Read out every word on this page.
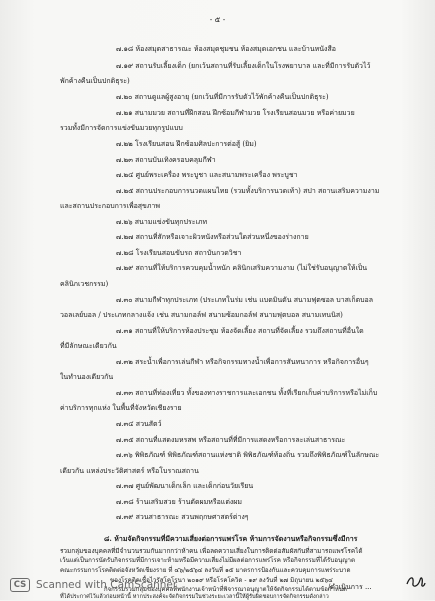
- ๕ -
๗.๑๘ ห้องสมุดสาธารณะ ห้องสมุดชุมชน ห้องสมุดเอกชน และบ้านหนังสือ
๗.๑๙ สถานรับเลี้ยงเด็ก (ยกเว้นสถานที่รับเลี้ยงเด็กในโรงพยาบาล และที่มีการรับตัวไว้
พักค้างคืนเป็นปกติธุระ)
๗.๒๐ สถานดูแลผู้สูงอายุ (ยกเว้นที่มีการรับตัวไว้พักค้างคืนเป็นปกติธุระ)
๗.๒๑ สนามมวย สถานที่ฝึกสอน ฝึกซ้อมกีฬามวย โรงเรียนสอนมวย หรือค่ายมวย
รวมทั้งมีการจัดการแข่งขันมวยทุกรูปแบบ
๗.๒๒ โรงเรียนสอน ฝึกซ้อมศิลปะการต่อสู้ (ยิม)
๗.๒๓ สถานบันเทิงครอบคลุมกีฬา
๗.๒๔ ศูนย์พระเครื่อง พระบูชา และสนามพระเครื่อง พระบูชา
๗.๒๕ สถานประกอบการนวดแผนไทย (รวมทั้งบริการนวดเท้า) สปา สถานเสริมความงาม
และสถานประกอบการเพื่อสุขภาพ
๗.๒๖ สนามแข่งขันทุกประเภท
๗.๒๗ สถานที่สักหรือเจาะผิวหนังหรือส่วนใดส่วนหนึ่งของร่างกาย
๗.๒๘ โรงเรียนสอนขับรถ สถาบันกวดวิชา
๗.๒๙ สถานที่ให้บริการควบคุมน้ำหนัก คลินิกเสริมความงาม (ไม่ใช่รับอนุญาตให้เป็น
คลินิกเวชกรรม)
๗.๓๐ สนามกีฬาทุกประเภท (ประเภทในร่ม เช่น แบดมินตัน สนามฟุตซอล บาสเก็ตบอล
วอลเลย์บอล / ประเภทกลางแจ้ง เช่น สนามกอล์ฟ สนามซ้อมกอล์ฟ สนามฟุตบอล สนามเทนนิส)
๗.๓๑ สถานที่ให้บริการห้องประชุม ห้องจัดเลี้ยง สถานที่จัดเลี้ยง รวมถึงสถานที่อื่นใด
ที่มีลักษณะเดียวกัน
๗.๓๒ สระน้ำเพื่อการเล่นกีฬา หรือกิจกรรมทางน้ำเพื่อการสันทนาการ หรือกิจการอื่นๆ
ในทำนองเดียวกัน
๗.๓๓ สถานที่ท่องเที่ยว ทั้งของทางราชการและเอกชน ทั้งที่เรียกเก็บค่าบริการหรือไม่เก็บ
ค่าบริการทุกแห่ง ในพื้นที่จังหวัดเชียงราย
๗.๓๔ สวนสัตว์
๗.๓๕ สถานที่แสดงมหรสพ หรือสถานที่ที่มีการแสดงหรือการละเล่นสาธารณะ
๗.๓๖ พิพิธภัณฑ์ พิพิธภัณฑ์สถานแห่งชาติ พิพิธภัณฑ์ท้องถิ่น รวมถึงพิพิธภัณฑ์ในลักษณะ
เดียวกัน แหล่งประวัติศาสตร์ หรือโบราณสถาน
๗.๓๗ ศูนย์พัฒนาเด็กเล็ก และเด็กก่อนวัยเรียน
๗.๓๘ ร้านเสริมสวย ร้านตัดผมหรือแต่งผม
๗.๓๙ สวนสาธารณะ สวนพฤกษศาสตร์ต่างๆ
๘. ห้ามจัดกิจกรรมที่มีความเสี่ยงต่อการแพร่โรค ห้ามการจัดงานหรือกิจกรรมซึ่งมีการ
รวมกลุ่มของบุคคลที่มีจำนวนรวมกันมากกว่าห้าคน เพื่อลดความเสี่ยงในการติดต่อสัมผัสกันที่สามารถแพร่โรคได้
เว้นแต่เป็นการนัดรับกิจกรรมที่มีการเจาะห้ามหรือมีความเสี่ยงไม่มีผลต่อการแพร่โรค หรือกิจกรรมที่ได้รับอนุญาต
คณะกรรมการโรคติดต่อจังหวัดเชียงราย ที่ ๔๖/๒๕๖๔ ลงวันที่ ๑๕ มาตรการป้องกันและควบคุมการแพร่ระบาด
ของโรคติดเชื้อไวรัสโคโรนา ๒๐๑๙ หรือโรคโควิด - ๑๙ ลงวันที่ ๒๗ มิถุนายน ๒๕๖๔
กิจกรรมรวมกลุ่มของบุคคลที่พนักงานเจ้าหน้าที่พิจารณาอนุญาตให้จัดกิจกรรมได้ตามข้อกำหนด
ที่ได้ประกาศไว้แล้วก่อนหน้านี้ หากประสงค์จะจัดกิจกรรมในช่วงระยะเวลานี้ให้ผู้รับผิดชอบการจัดกิจกรรมดังกล่าว
/ดำเนินการ ...
CS Scanned with CamScanner
